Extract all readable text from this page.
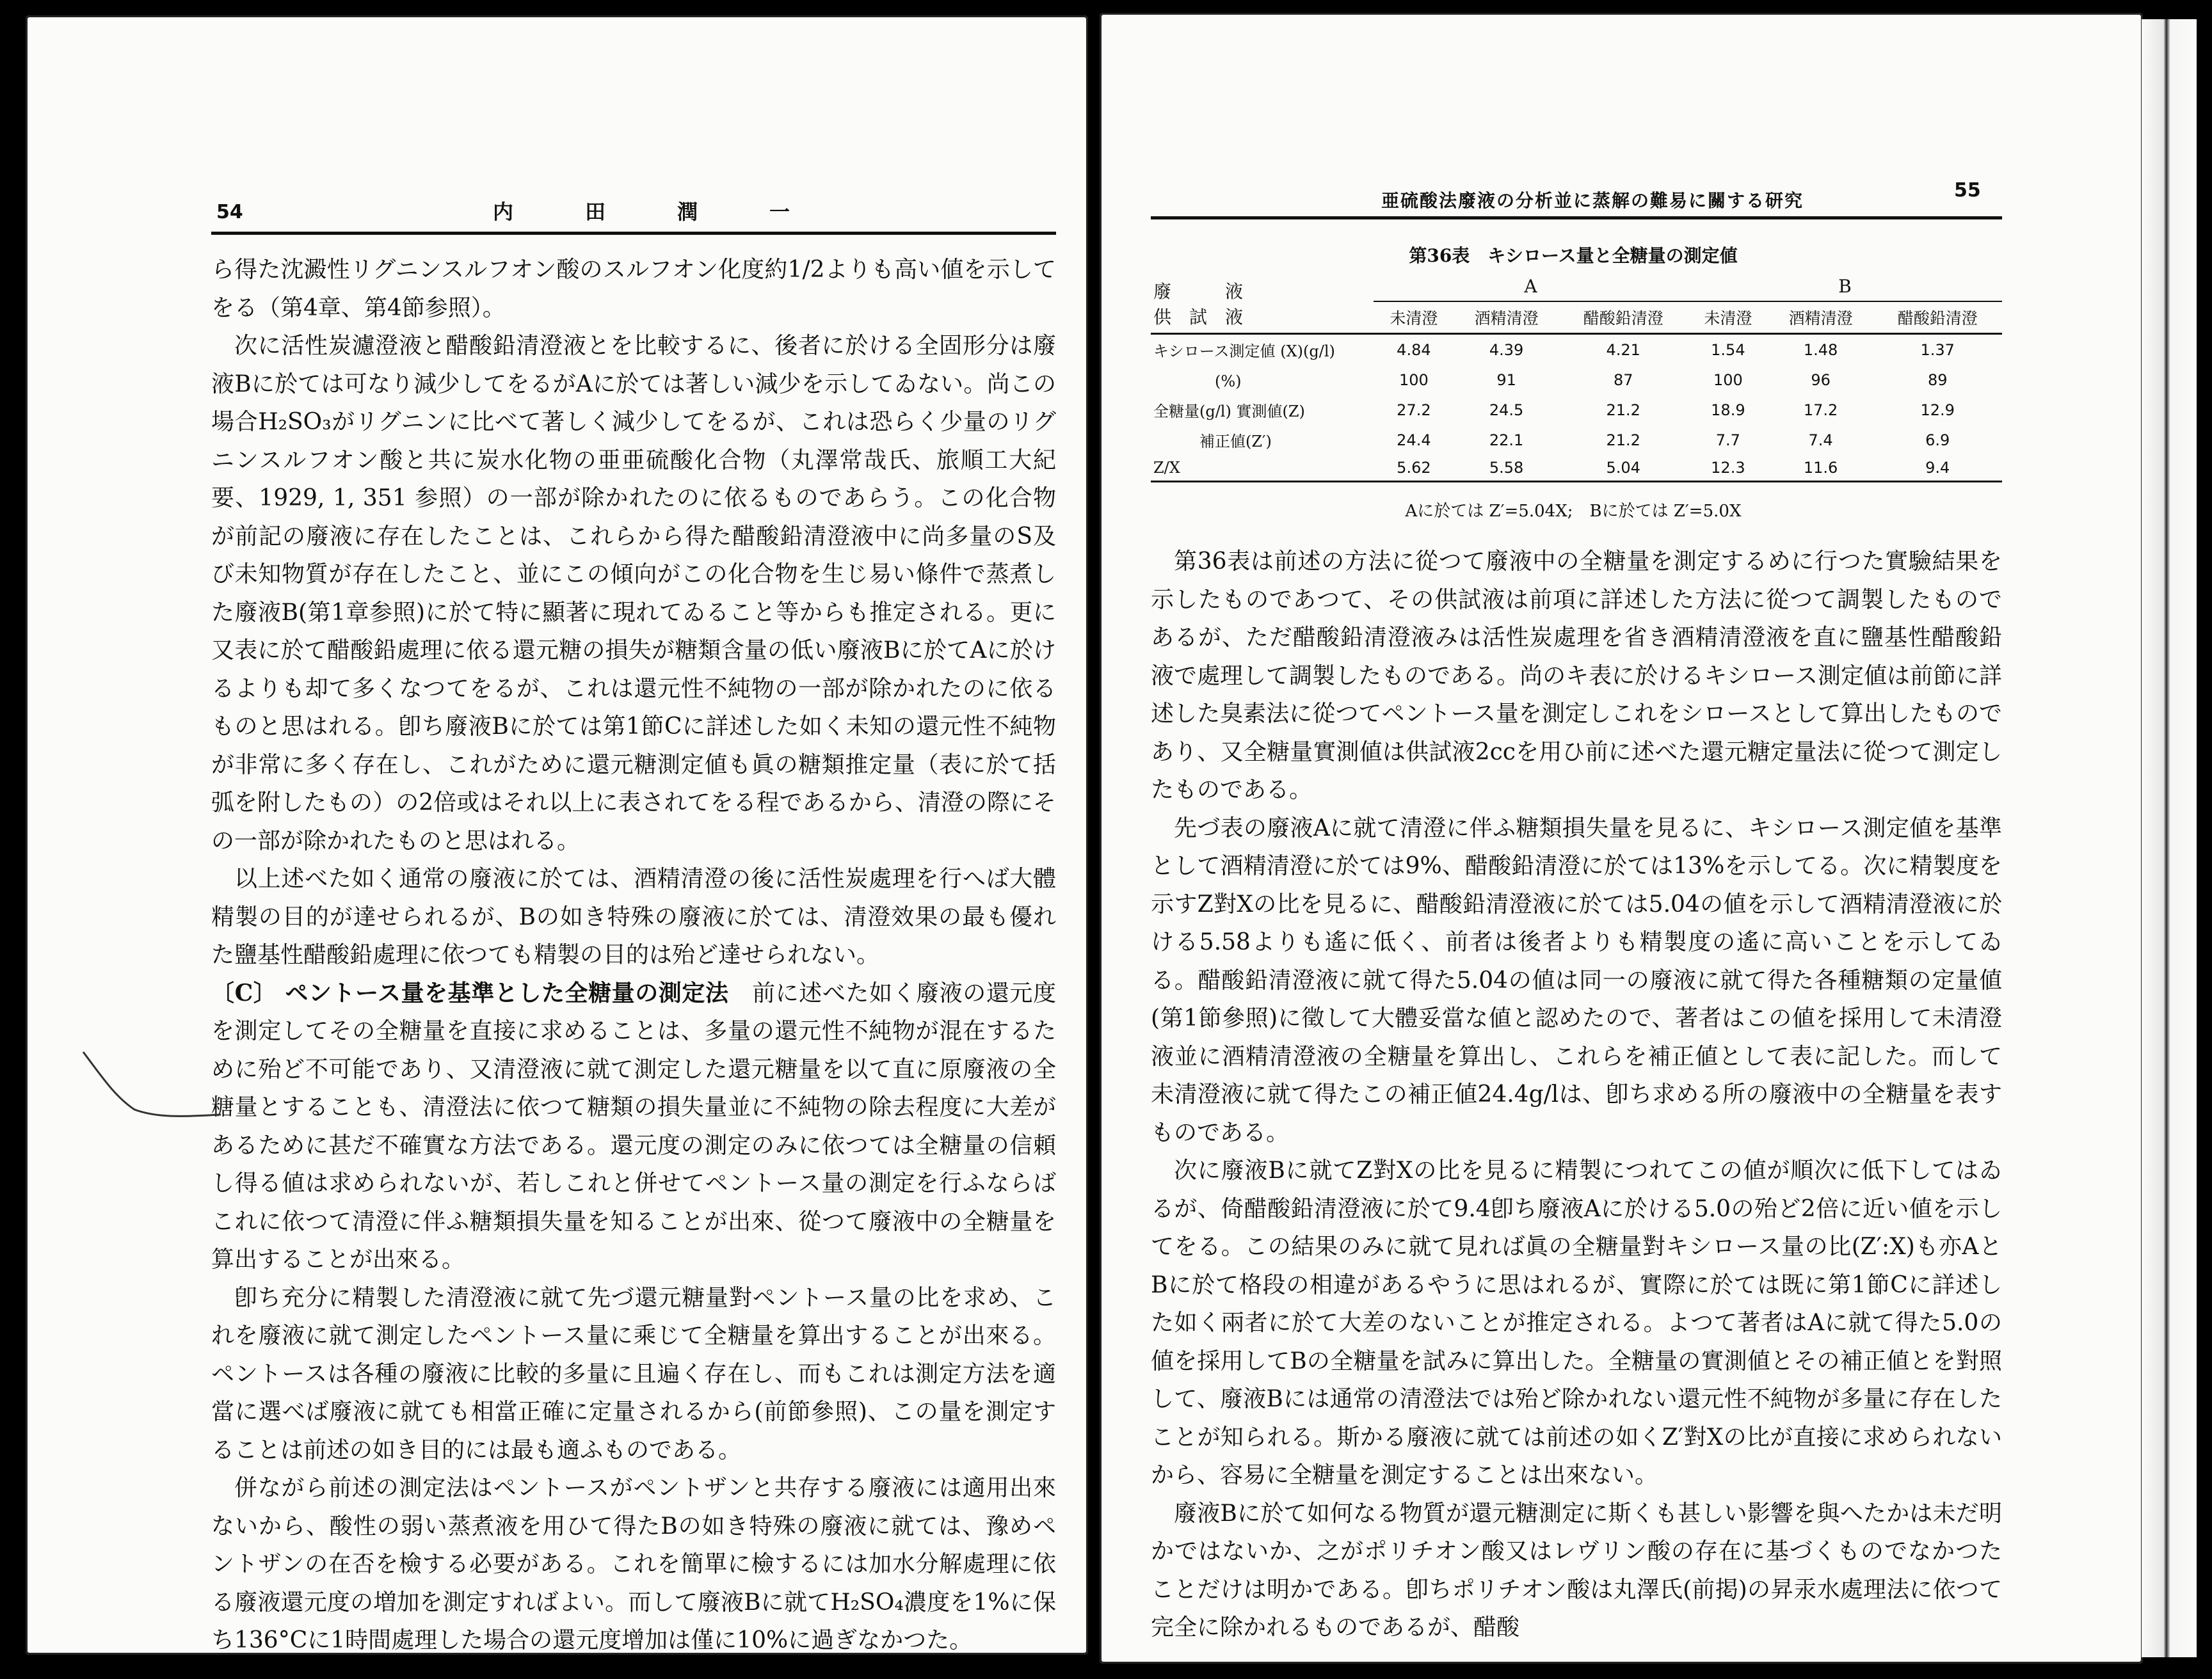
54	内　田　潤　一

ら得た沈澱性リグニンスルフオン酸のスルフオン化度約1/2よりも高い値を示してをる（第4章、第4節参照）。

次に活性炭濾澄液と醋酸鉛清澄液とを比較するに、後者に於ける全固形分は廢液Bに於ては可なり減少してをるがAに於ては著しい減少を示してゐない。尚この場合H₂SO₃がリグニンに比べて著しく減少してをるが、これは恐らく少量のリグニンスルフオン酸と共に炭水化物の亜亜硫酸化合物（丸澤常哉氏、旅順工大紀要、1929, 1, 351 参照）の一部が除かれたのに依るものであらう。この化合物が前記の廢液に存在したことは、これらから得た醋酸鉛清澄液中に尚多量のS及び未知物質が存在したこと、並にこの傾向がこの化合物を生じ易い條件で蒸煮した廢液B(第1章参照)に於て特に顯著に現れてゐること等からも推定される。更に又表に於て醋酸鉛處理に依る還元糖の損失が糖類含量の低い廢液Bに於てAに於けるよりも却て多くなつてをるが、これは還元性不純物の一部が除かれたのに依るものと思はれる。卽ち廢液Bに於ては第1節Cに詳述した如く未知の還元性不純物が非常に多く存在し、これがために還元糖測定値も眞の糖類推定量（表に於て括弧を附したもの）の2倍或はそれ以上に表されてをる程であるから、清澄の際にその一部が除かれたものと思はれる。

以上述べた如く通常の廢液に於ては、酒精清澄の後に活性炭處理を行へば大體精製の目的が達せられるが、Bの如き特殊の廢液に於ては、清澄效果の最も優れた鹽基性醋酸鉛處理に依つても精製の目的は殆ど達せられない。

〔C〕 ペントース量を基準とした全糖量の測定法　 前に述べた如く廢液の還元度を測定してその全糖量を直接に求めることは、多量の還元性不純物が混在するために殆ど不可能であり、又清澄液に就て測定した還元糖量を以て直に原廢液の全糖量とすることも、清澄法に依つて糖類の損失量並に不純物の除去程度に大差があるために甚だ不確實な方法である。還元度の測定のみに依つては全糖量の信頼し得る値は求められないが、若しこれと併せてペントース量の測定を行ふならばこれに依つて清澄に伴ふ糖類損失量を知ることが出來、從つて廢液中の全糖量を算出することが出來る。

卽ち充分に精製した清澄液に就て先づ還元糖量對ペントース量の比を求め、これを廢液に就て測定したペントース量に乘じて全糖量を算出することが出來る。ペントースは各種の廢液に比較的多量に且遍く存在し、而もこれは測定方法を適當に選べば廢液に就ても相當正確に定量されるから(前節參照)、この量を測定することは前述の如き目的には最も適ふものである。

併ながら前述の測定法はペントースがペントザンと共存する廢液には適用出來ないから、酸性の弱い蒸煮液を用ひて得たBの如き特殊の廢液に就ては、豫めペントザンの在否を檢する必要がある。これを簡單に檢するには加水分解處理に依る廢液還元度の増加を測定すればよい。而して廢液Bに就てH₂SO₄濃度を1%に保ち136°Cに1時間處理した場合の還元度增加は僅に10%に過ぎなかつた。

亜硫酸法廢液の分析並に蒸解の難易に關する研究	55
第36表　キシロース量と全糖量の測定値
廢　　　液
供　試　液	A			B		
	未清澄	酒精清澄	醋酸鉛清澄	未清澄	酒精清澄	醋酸鉛清澄
キシロース測定値 (X)(g/l)	4.84	4.39	4.21	1.54	1.48	1.37
　　　　(%)	100	91	87	100	96	89
全糖量(g/l) 實測値(Z)	27.2	24.5	21.2	18.9	17.2	12.9
　　　補正値(Z′)	24.4	22.1	21.2	7.7	7.4	6.9
Z/X	5.62	5.58	5.04	12.3	11.6	9.4
Aに於ては Z′=5.04X;　Bに於ては Z′=5.0X

第36表は前述の方法に從つて廢液中の全糖量を測定するめに行つた實驗結果を示したものであつて、その供試液は前項に詳述した方法に從つて調製したものであるが、ただ醋酸鉛清澄液みは活性炭處理を省き酒精清澄液を直に鹽基性醋酸鉛液で處理して調製したものである。尚のキ表に於けるキシロース測定値は前節に詳述した臭素法に從つてペントース量を測定しこれをシロースとして算出したものであり、又全糖量實測値は供試液2ccを用ひ前に述べた還元糖定量法に從つて測定したものである。

先づ表の廢液Aに就て清澄に伴ふ糖類損失量を見るに、キシロース測定値を基準として酒精清澄に於ては9%、醋酸鉛清澄に於ては13%を示してる。次に精製度を示すZ對Xの比を見るに、醋酸鉛清澄液に於ては5.04の値を示して酒精清澄液に於ける5.58よりも遙に低く、前者は後者よりも精製度の遙に高いことを示してゐる。醋酸鉛清澄液に就て得た5.04の値は同一の廢液に就て得た各種糖類の定量値(第1節參照)に徵して大體妥當な値と認めたので、著者はこの値を採用して未清澄液並に酒精清澄液の全糖量を算出し、これらを補正値として表に記した。而して未清澄液に就て得たこの補正値24.4g/lは、卽ち求める所の廢液中の全糖量を表すものである。

次に廢液Bに就てZ對Xの比を見るに精製につれてこの値が順次に低下してはゐるが、倚醋酸鉛清澄液に於て9.4卽ち廢液Aに於ける5.0の殆ど2倍に近い値を示してをる。この結果のみに就て見れば眞の全糖量對キシロース量の比(Z′:X)も亦AとBに於て格段の相違があるやうに思はれるが、實際に於ては既に第1節Cに詳述した如く兩者に於て大差のないことが推定される。よつて著者はAに就て得た5.0の値を採用してBの全糖量を試みに算出した。全糖量の實測値とその補正値とを對照して、廢液Bには通常の清澄法では殆ど除かれない還元性不純物が多量に存在したことが知られる。斯かる廢液に就ては前述の如くZ′對Xの比が直接に求められないから、容易に全糖量を測定することは出來ない。

廢液Bに於て如何なる物質が還元糖測定に斯くも甚しい影響を與へたかは未だ明かではないか、之がポリチオン酸又はレヴリン酸の存在に基づくものでなかつたことだけは明かである。卽ちポリチオン酸は丸澤氏(前掲)の昇汞水處理法に依つて完全に除かれるものであるが、醋酸
